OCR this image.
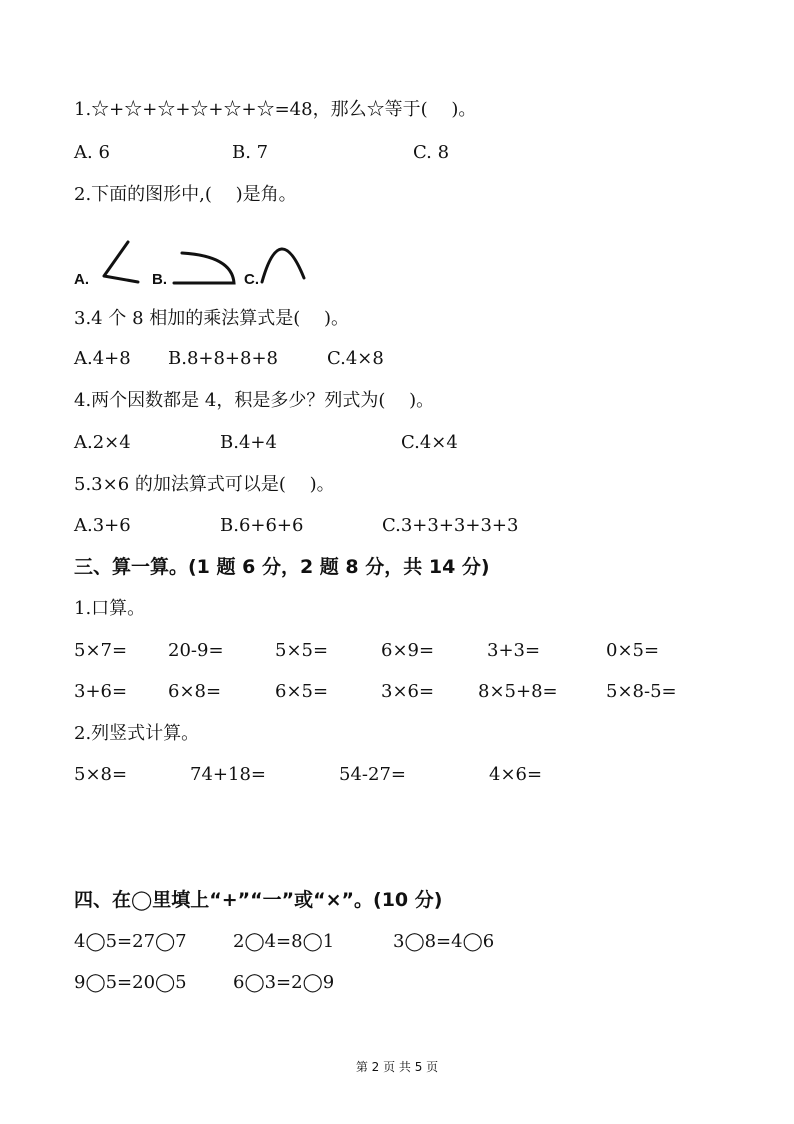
1.☆+☆+☆+☆+☆+☆=48，那么☆等于(　 )。
A. 6	B. 7	C. 8
2.下面的图形中,(　 )是角。
A.	B.	C.
3.4 个 8 相加的乘法算式是(　 )。
A.4+8 B.8+8+8+8	C.4×8
4.两个因数都是 4，积是多少？列式为(　 )。
A.2×4	B.4+4	C.4×4
5.3×6 的加法算式可以是(　 )。
A.3+6	B.6+6+6	C.3+3+3+3+3
三、算一算。(1 题 6 分，2 题 8 分，共 14 分)
1.口算。
5×7= 20-9=	5×5=	6×9=	3+3=	0×5=
3+6= 6×8=	6×5=	3×6= 8×5+8=	5×8-5=
2.列竖式计算。
5×8=	74+18=	54-27=	4×6=
四、在◯里填上“+”“一”或“×”。(10 分)
4◯5=27◯7	2◯4=8◯1	3◯8=4◯6
9◯5=20◯5	6◯3=2◯9
第 2 页 共 5 页
